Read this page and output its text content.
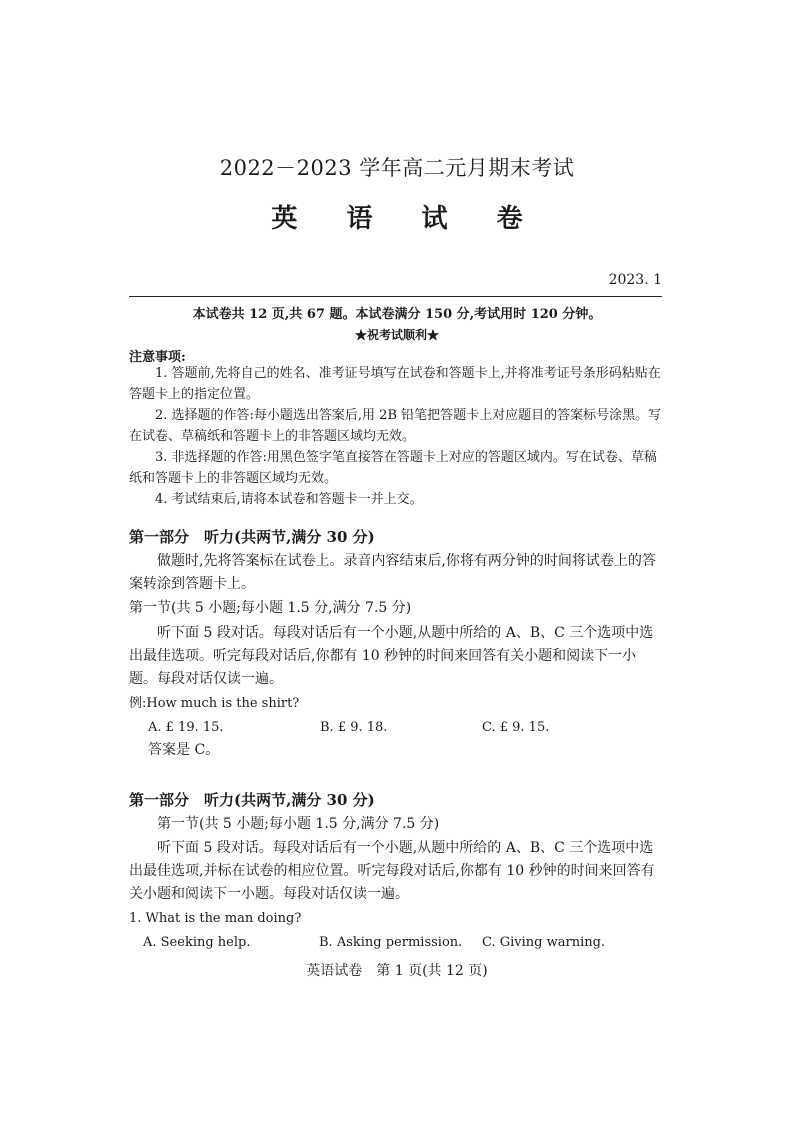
2022－2023 学年高二元月期末考试
英 语 试 卷
2023. 1
本试卷共 12 页,共 67 题。本试卷满分 150 分,考试用时 120 分钟。
★祝考试顺利★
注意事项:
1. 答题前,先将自己的姓名、准考证号填写在试卷和答题卡上,并将准考证号条形码粘贴在答题卡上的指定位置。
2. 选择题的作答:每小题选出答案后,用 2B 铅笔把答题卡上对应题目的答案标号涂黑。写在试卷、草稿纸和答题卡上的非答题区域均无效。
3. 非选择题的作答:用黑色签字笔直接答在答题卡上对应的答题区域内。写在试卷、草稿纸和答题卡上的非答题区域均无效。
4. 考试结束后,请将本试卷和答题卡一并上交。
第一部分　听力(共两节,满分 30 分)
做题时,先将答案标在试卷上。录音内容结束后,你将有两分钟的时间将试卷上的答案转涂到答题卡上。
第一节(共 5 小题;每小题 1.5 分,满分 7.5 分)
听下面 5 段对话。每段对话后有一个小题,从题中所给的 A、B、C 三个选项中选出最佳选项。听完每段对话后,你都有 10 秒钟的时间来回答有关小题和阅读下一小题。每段对话仅读一遍。
例:How much is the shirt?
A. £ 19. 15.	B. £ 9. 18.	C. £ 9. 15.
答案是 C。
第一部分　听力(共两节,满分 30 分)
第一节(共 5 小题;每小题 1.5 分,满分 7.5 分)
听下面 5 段对话。每段对话后有一个小题,从题中所给的 A、B、C 三个选项中选出最佳选项,并标在试卷的相应位置。听完每段对话后,你都有 10 秒钟的时间来回答有关小题和阅读下一小题。每段对话仅读一遍。
1. What is the man doing?
A. Seeking help.	B. Asking permission. C. Giving warning.
英语试卷　第 1 页(共 12 页)
